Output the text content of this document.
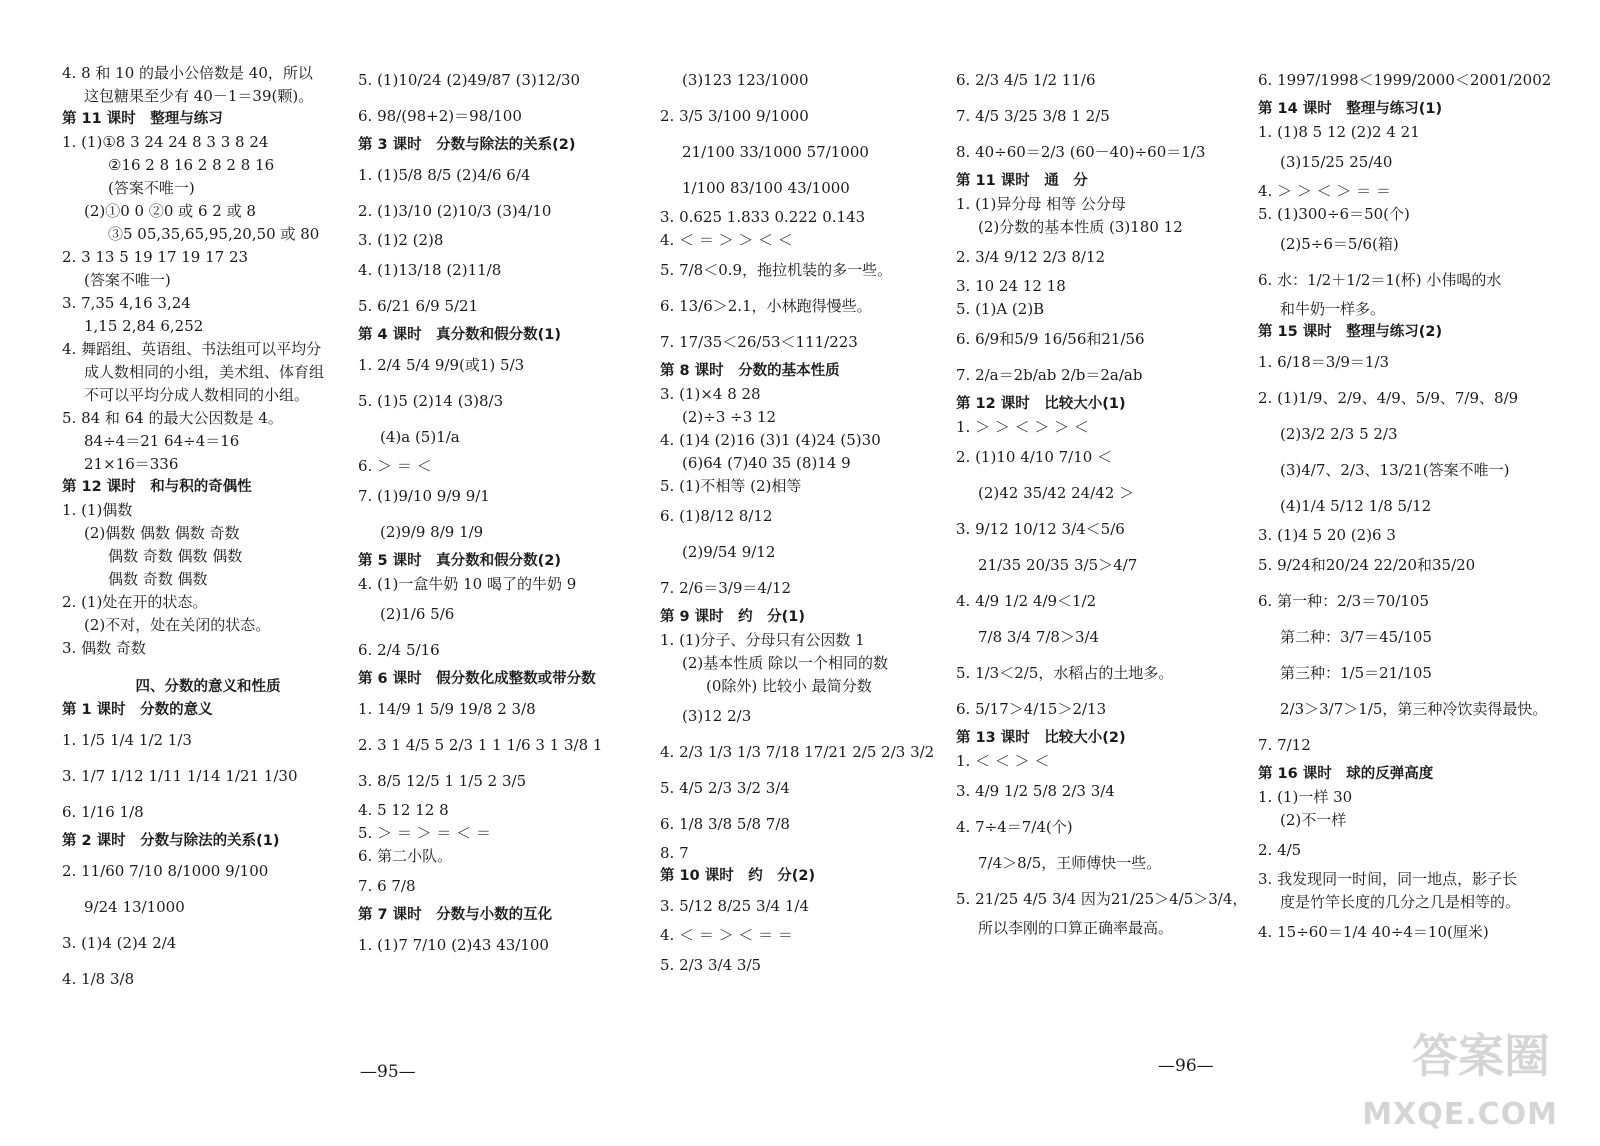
4. 8 和 10 的最小公倍数是 40，所以
这包糖果至少有 40－1＝39(颗)。
第 11 课时　整理与练习
1. (1)①8 3 24 24 8 3 3 8 24
②16 2 8 16 2 8 2 8 16
(答案不唯一)
(2)①0 0 ②0 或 6 2 或 8
③5 05,35,65,95,20,50 或 80
2. 3 13 5 19 17 19 17 23
(答案不唯一)
3. 7,35 4,16 3,24
1,15 2,84 6,252
4. 舞蹈组、英语组、书法组可以平均分
成人数相同的小组，美术组、体育组
不可以平均分成人数相同的小组。
5. 84 和 64 的最大公因数是 4。
84÷4＝21 64÷4＝16
21×16＝336
第 12 课时　和与积的奇偶性
1. (1)偶数
(2)偶数 偶数 偶数 奇数
偶数 奇数 偶数 偶数
偶数 奇数 偶数
2. (1)处在开的状态。
(2)不对，处在关闭的状态。
3. 偶数 奇数
四、分数的意义和性质
第 1 课时　分数的意义
1. 1/5 1/4 1/2 1/3
3. 1/7 1/12 1/11 1/14 1/21 1/30
6. 1/16 1/8
第 2 课时　分数与除法的关系(1)
2. 11/60 7/10 8/1000 9/100
9/24 13/1000
3. (1)4 (2)4 2/4
4. 1/8 3/8
5. (1)10/24 (2)49/87 (3)12/30
6. 98/(98+2)＝98/100
第 3 课时　分数与除法的关系(2)
1. (1)5/8 8/5 (2)4/6 6/4
2. (1)3/10 (2)10/3 (3)4/10
3. (1)2 (2)8
4. (1)13/18 (2)11/8
5. 6/21 6/9 5/21
第 4 课时　真分数和假分数(1)
1. 2/4 5/4 9/9(或1) 5/3
5. (1)5 (2)14 (3)8/3
(4)a (5)1/a
6. ＞ ＝ ＜
7. (1)9/10 9/9 9/1
(2)9/9 8/9 1/9
第 5 课时　真分数和假分数(2)
4. (1)一盒牛奶 10 喝了的牛奶 9
(2)1/6 5/6
6. 2/4 5/16
第 6 课时　假分数化成整数或带分数
1. 14/9 1 5/9 19/8 2 3/8
2. 3 1 4/5 5 2/3 1 1 1/6 3 1 3/8 1
3. 8/5 12/5 1 1/5 2 3/5
4. 5 12 12 8
5. ＞ ＝ ＞ ＝ ＜ ＝
6. 第二小队。
7. 6 7/8
第 7 课时　分数与小数的互化
1. (1)7 7/10 (2)43 43/100
(3)123 123/1000
2. 3/5 3/100 9/1000
21/100 33/1000 57/1000
1/100 83/100 43/1000
3. 0.625 1.833 0.222 0.143
4. ＜ ＝ ＞ ＞ ＜ ＜
5. 7/8＜0.9，拖拉机装的多一些。
6. 13/6＞2.1，小林跑得慢些。
7. 17/35＜26/53＜111/223
第 8 课时　分数的基本性质
3. (1)×4 8 28
(2)÷3 ÷3 12
4. (1)4 (2)16 (3)1 (4)24 (5)30
(6)64 (7)40 35 (8)14 9
5. (1)不相等 (2)相等
6. (1)8/12 8/12
(2)9/54 9/12
7. 2/6＝3/9＝4/12
第 9 课时　约　分(1)
1. (1)分子、分母只有公因数 1
(2)基本性质 除以一个相同的数
(0除外) 比较小 最简分数
(3)12 2/3
4. 2/3 1/3 1/3 7/18 17/21 2/5 2/3 3/2
5. 4/5 2/3 3/2 3/4
6. 1/8 3/8 5/8 7/8
8. 7
第 10 课时　约　分(2)
3. 5/12 8/25 3/4 1/4
4. ＜ ＝ ＞ ＜ ＝ ＝
5. 2/3 3/4 3/5
6. 2/3 4/5 1/2 11/6
7. 4/5 3/25 3/8 1 2/5
8. 40÷60＝2/3 (60－40)÷60＝1/3
第 11 课时　通　分
1. (1)异分母 相等 公分母
(2)分数的基本性质 (3)180 12
2. 3/4 9/12 2/3 8/12
3. 10 24 12 18
5. (1)A (2)B
6. 6/9和5/9 16/56和21/56
7. 2/a＝2b/ab 2/b＝2a/ab
第 12 课时　比较大小(1)
1. ＞ ＞ ＜ ＞ ＞ ＜
2. (1)10 4/10 7/10 ＜
(2)42 35/42 24/42 ＞
3. 9/12 10/12 3/4＜5/6
21/35 20/35 3/5＞4/7
4. 4/9 1/2 4/9＜1/2
7/8 3/4 7/8＞3/4
5. 1/3＜2/5，水稻占的土地多。
6. 5/17＞4/15＞2/13
第 13 课时　比较大小(2)
1. ＜ ＜ ＞ ＜
3. 4/9 1/2 5/8 2/3 3/4
4. 7÷4＝7/4(个)
7/4＞8/5，王师傅快一些。
5. 21/25 4/5 3/4 因为21/25＞4/5＞3/4，
所以李刚的口算正确率最高。
6. 1997/1998＜1999/2000＜2001/2002
第 14 课时　整理与练习(1)
1. (1)8 5 12 (2)2 4 21
(3)15/25 25/40
4. ＞ ＞ ＜ ＞ ＝ ＝
5. (1)300÷6＝50(个)
(2)5÷6＝5/6(箱)
6. 水：1/2＋1/2＝1(杯) 小伟喝的水
和牛奶一样多。
第 15 课时　整理与练习(2)
1. 6/18＝3/9＝1/3
2. (1)1/9、2/9、4/9、5/9、7/9、8/9
(2)3/2 2/3 5 2/3
(3)4/7、2/3、13/21(答案不唯一)
(4)1/4 5/12 1/8 5/12
3. (1)4 5 20 (2)6 3
5. 9/24和20/24 22/20和35/20
6. 第一种：2/3＝70/105
第二种：3/7＝45/105
第三种：1/5＝21/105
2/3＞3/7＞1/5，第三种冷饮卖得最快。
7. 7/12
第 16 课时　球的反弹高度
1. (1)一样 30
(2)不一样
2. 4/5
3. 我发现同一时间，同一地点，影子长
度是竹竿长度的几分之几是相等的。
4. 15÷60＝1/4 40÷4＝10(厘米)
—95—	—96—	答案圈
MXQE.COM
